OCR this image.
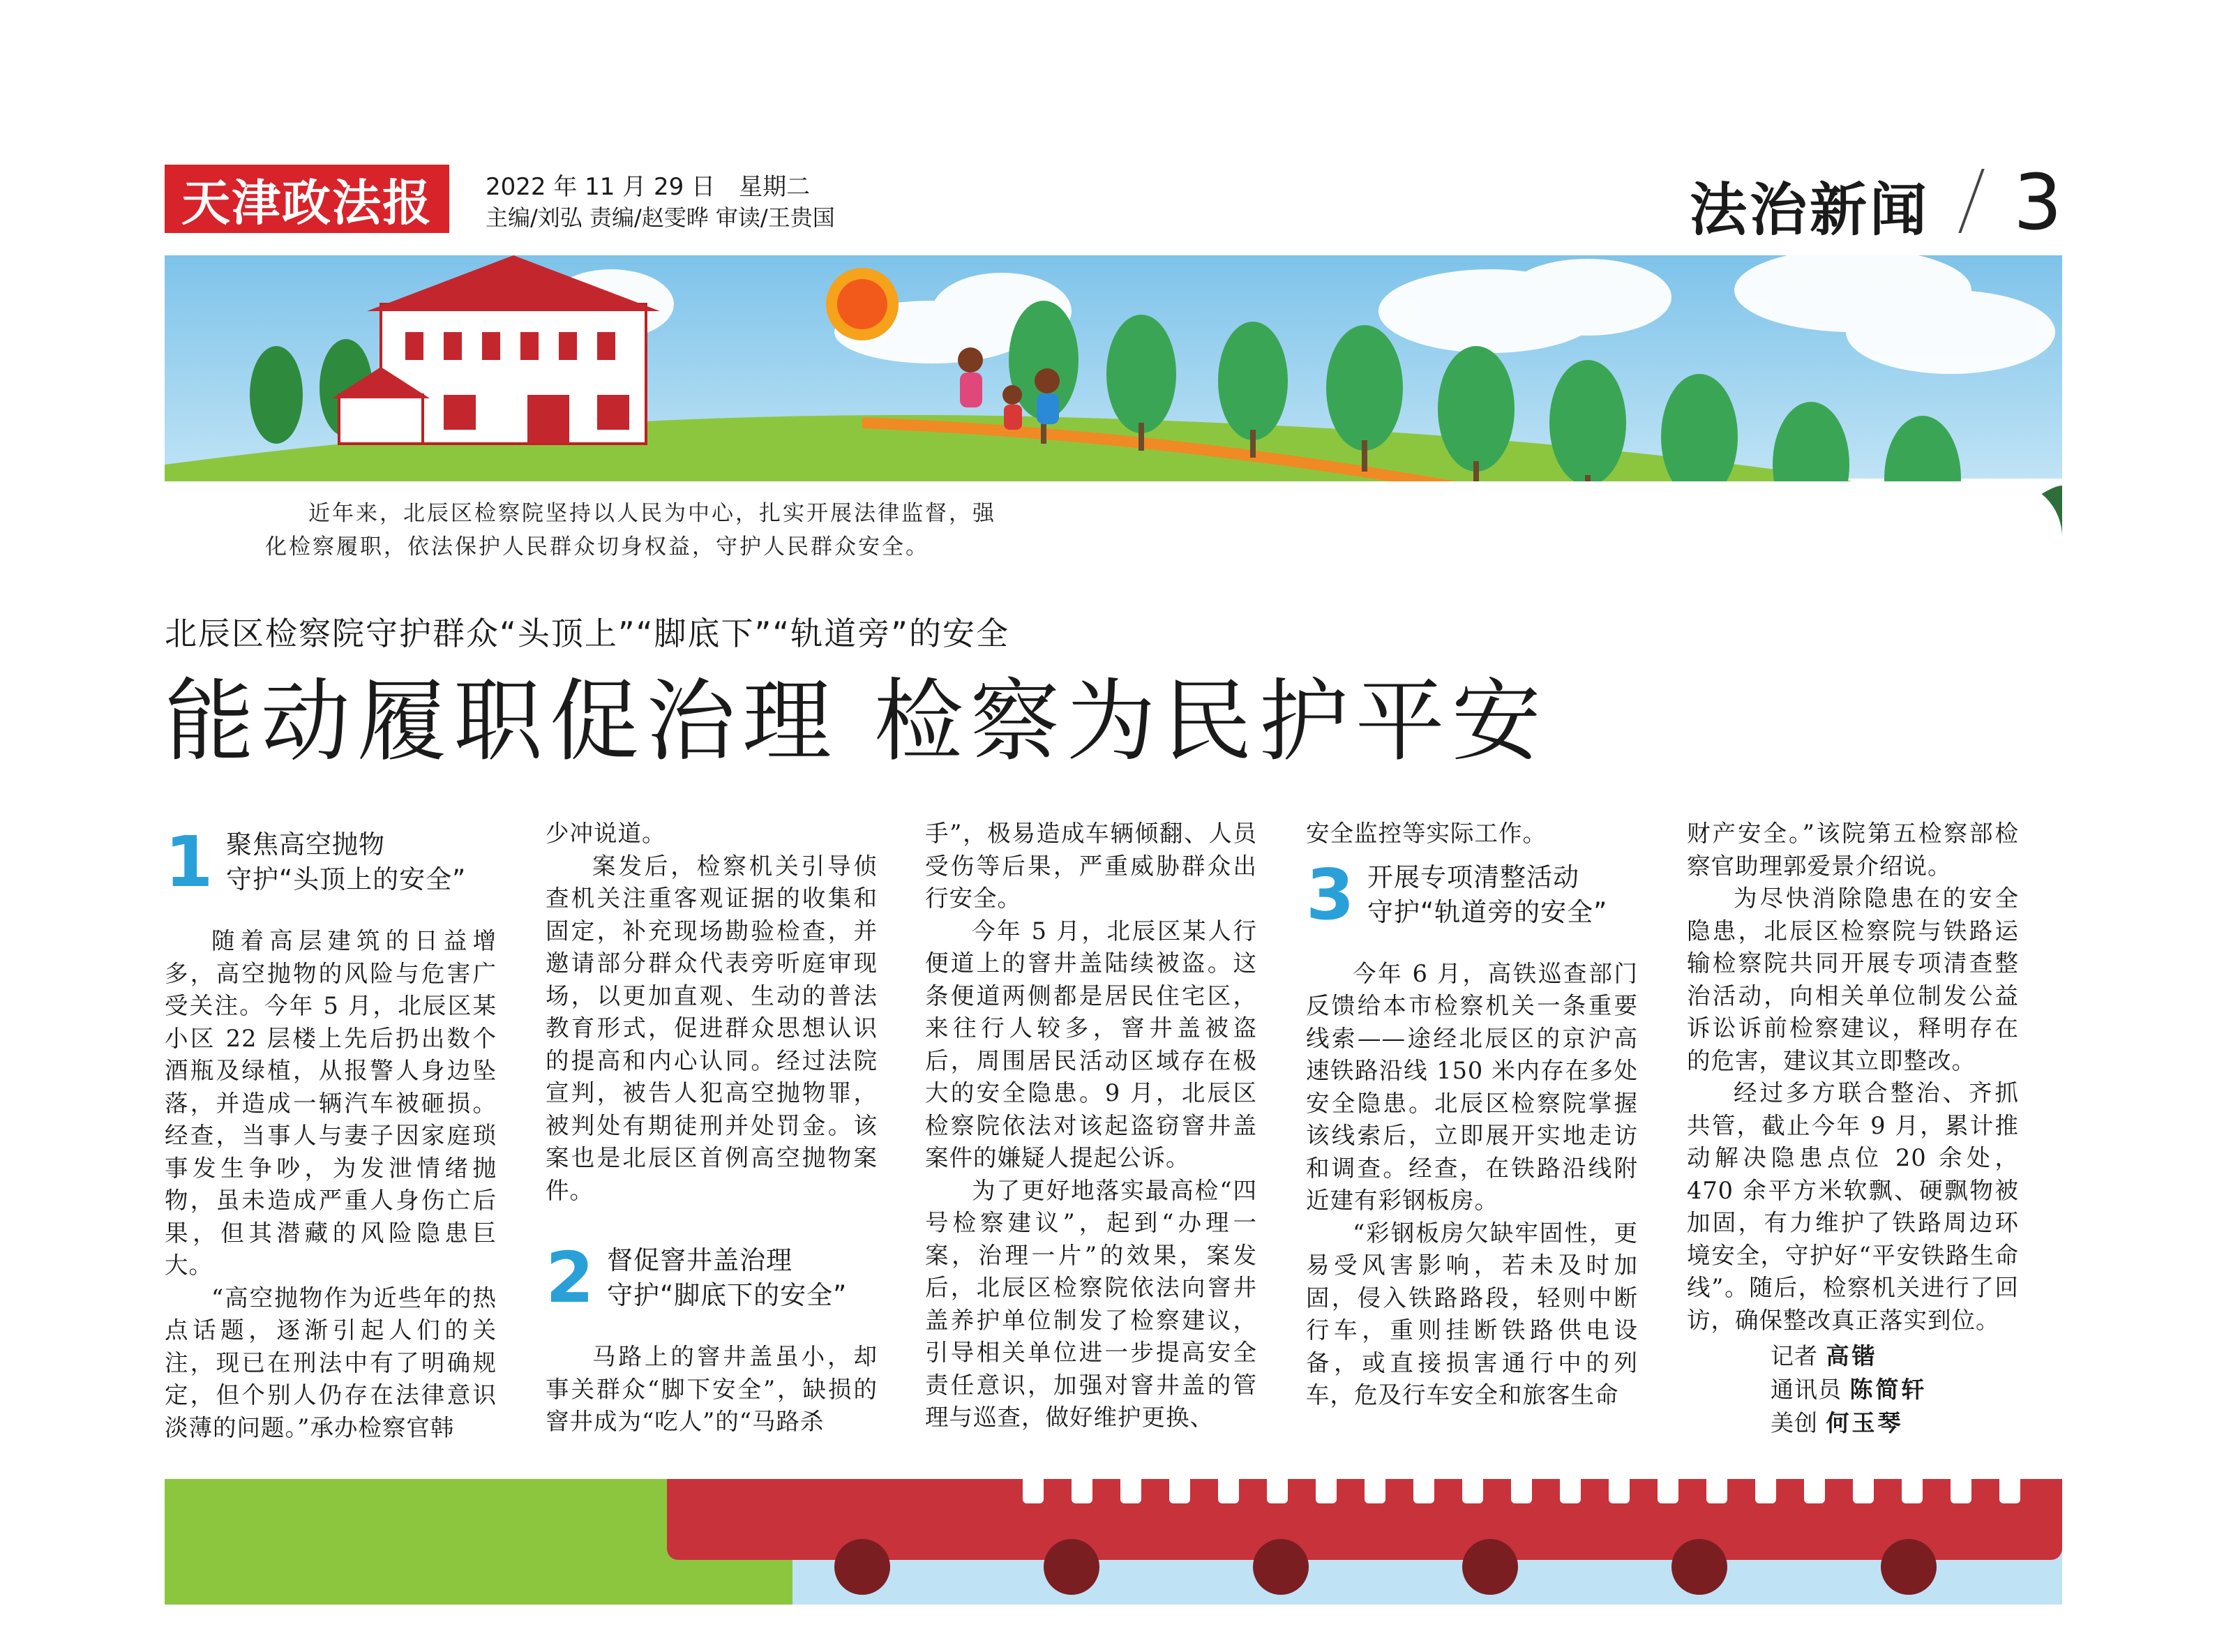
天津政法报	2022 年 11 月 29 日　星期二
主编/刘弘 责编/赵雯晔 审读/王贵国	法治新闻 3
近年来，北辰区检察院坚持以人民为中心，扎实开展法律监督，强化检察履职，依法保护人民群众切身权益，守护人民群众安全。
北辰区检察院守护群众“头顶上”“脚底下”“轨道旁”的安全
能动履职促治理 检察为民护平安
1 聚焦高空抛物
守护“头顶上的安全”

随着高层建筑的日益增多，高空抛物的风险与危害广受关注。今年 5 月，北辰区某小区 22 层楼上先后扔出数个酒瓶及绿植，从报警人身边坠落，并造成一辆汽车被砸损。经查，当事人与妻子因家庭琐事发生争吵，为发泄情绪抛物，虽未造成严重人身伤亡后果，但其潜藏的风险隐患巨大。

“高空抛物作为近些年的热点话题，逐渐引起人们的关注，现已在刑法中有了明确规定，但个别人仍存在法律意识淡薄的问题。”承办检察官韩

少冲说道。

案发后，检察机关引导侦查机关注重客观证据的收集和固定，补充现场勘验检查，并邀请部分群众代表旁听庭审现场，以更加直观、生动的普法教育形式，促进群众思想认识的提高和内心认同。经过法院宣判，被告人犯高空抛物罪，被判处有期徒刑并处罚金。该案也是北辰区首例高空抛物案件。

2 督促窨井盖治理
守护“脚底下的安全”

马路上的窨井盖虽小，却事关群众“脚下安全”，缺损的窨井成为“吃人”的“马路杀

手”，极易造成车辆倾翻、人员受伤等后果，严重威胁群众出行安全。

今年 5 月，北辰区某人行便道上的窨井盖陆续被盗。这条便道两侧都是居民住宅区，来往行人较多，窨井盖被盗后，周围居民活动区域存在极大的安全隐患。9 月，北辰区检察院依法对该起盗窃窨井盖案件的嫌疑人提起公诉。

为了更好地落实最高检“四号检察建议”，起到“办理一案，治理一片”的效果，案发后，北辰区检察院依法向窨井盖养护单位制发了检察建议，引导相关单位进一步提高安全责任意识，加强对窨井盖的管理与巡查，做好维护更换、

安全监控等实际工作。

3 开展专项清整活动
守护“轨道旁的安全”

今年 6 月，高铁巡查部门反馈给本市检察机关一条重要线索——途经北辰区的京沪高速铁路沿线 150 米内存在多处安全隐患。北辰区检察院掌握该线索后，立即展开实地走访和调查。经查，在铁路沿线附近建有彩钢板房。

“彩钢板房欠缺牢固性，更易受风害影响，若未及时加固，侵入铁路路段，轻则中断行车，重则挂断铁路供电设备，或直接损害通行中的列车，危及行车安全和旅客生命

财产安全。”该院第五检察部检察官助理郭爱景介绍说。

为尽快消除隐患在的安全隐患，北辰区检察院与铁路运输检察院共同开展专项清查整治活动，向相关单位制发公益诉讼诉前检察建议，释明存在的危害，建议其立即整改。

经过多方联合整治、齐抓共管，截止今年 9 月，累计推动解决隐患点位 20 余处，470 余平方米软飘、硬飘物被加固，有力维护了铁路周边环境安全，守护好“平安铁路生命线”。随后，检察机关进行了回访，确保整改真正落实到位。

记者 高锴
通讯员 陈简轩
美创 何玉琴
